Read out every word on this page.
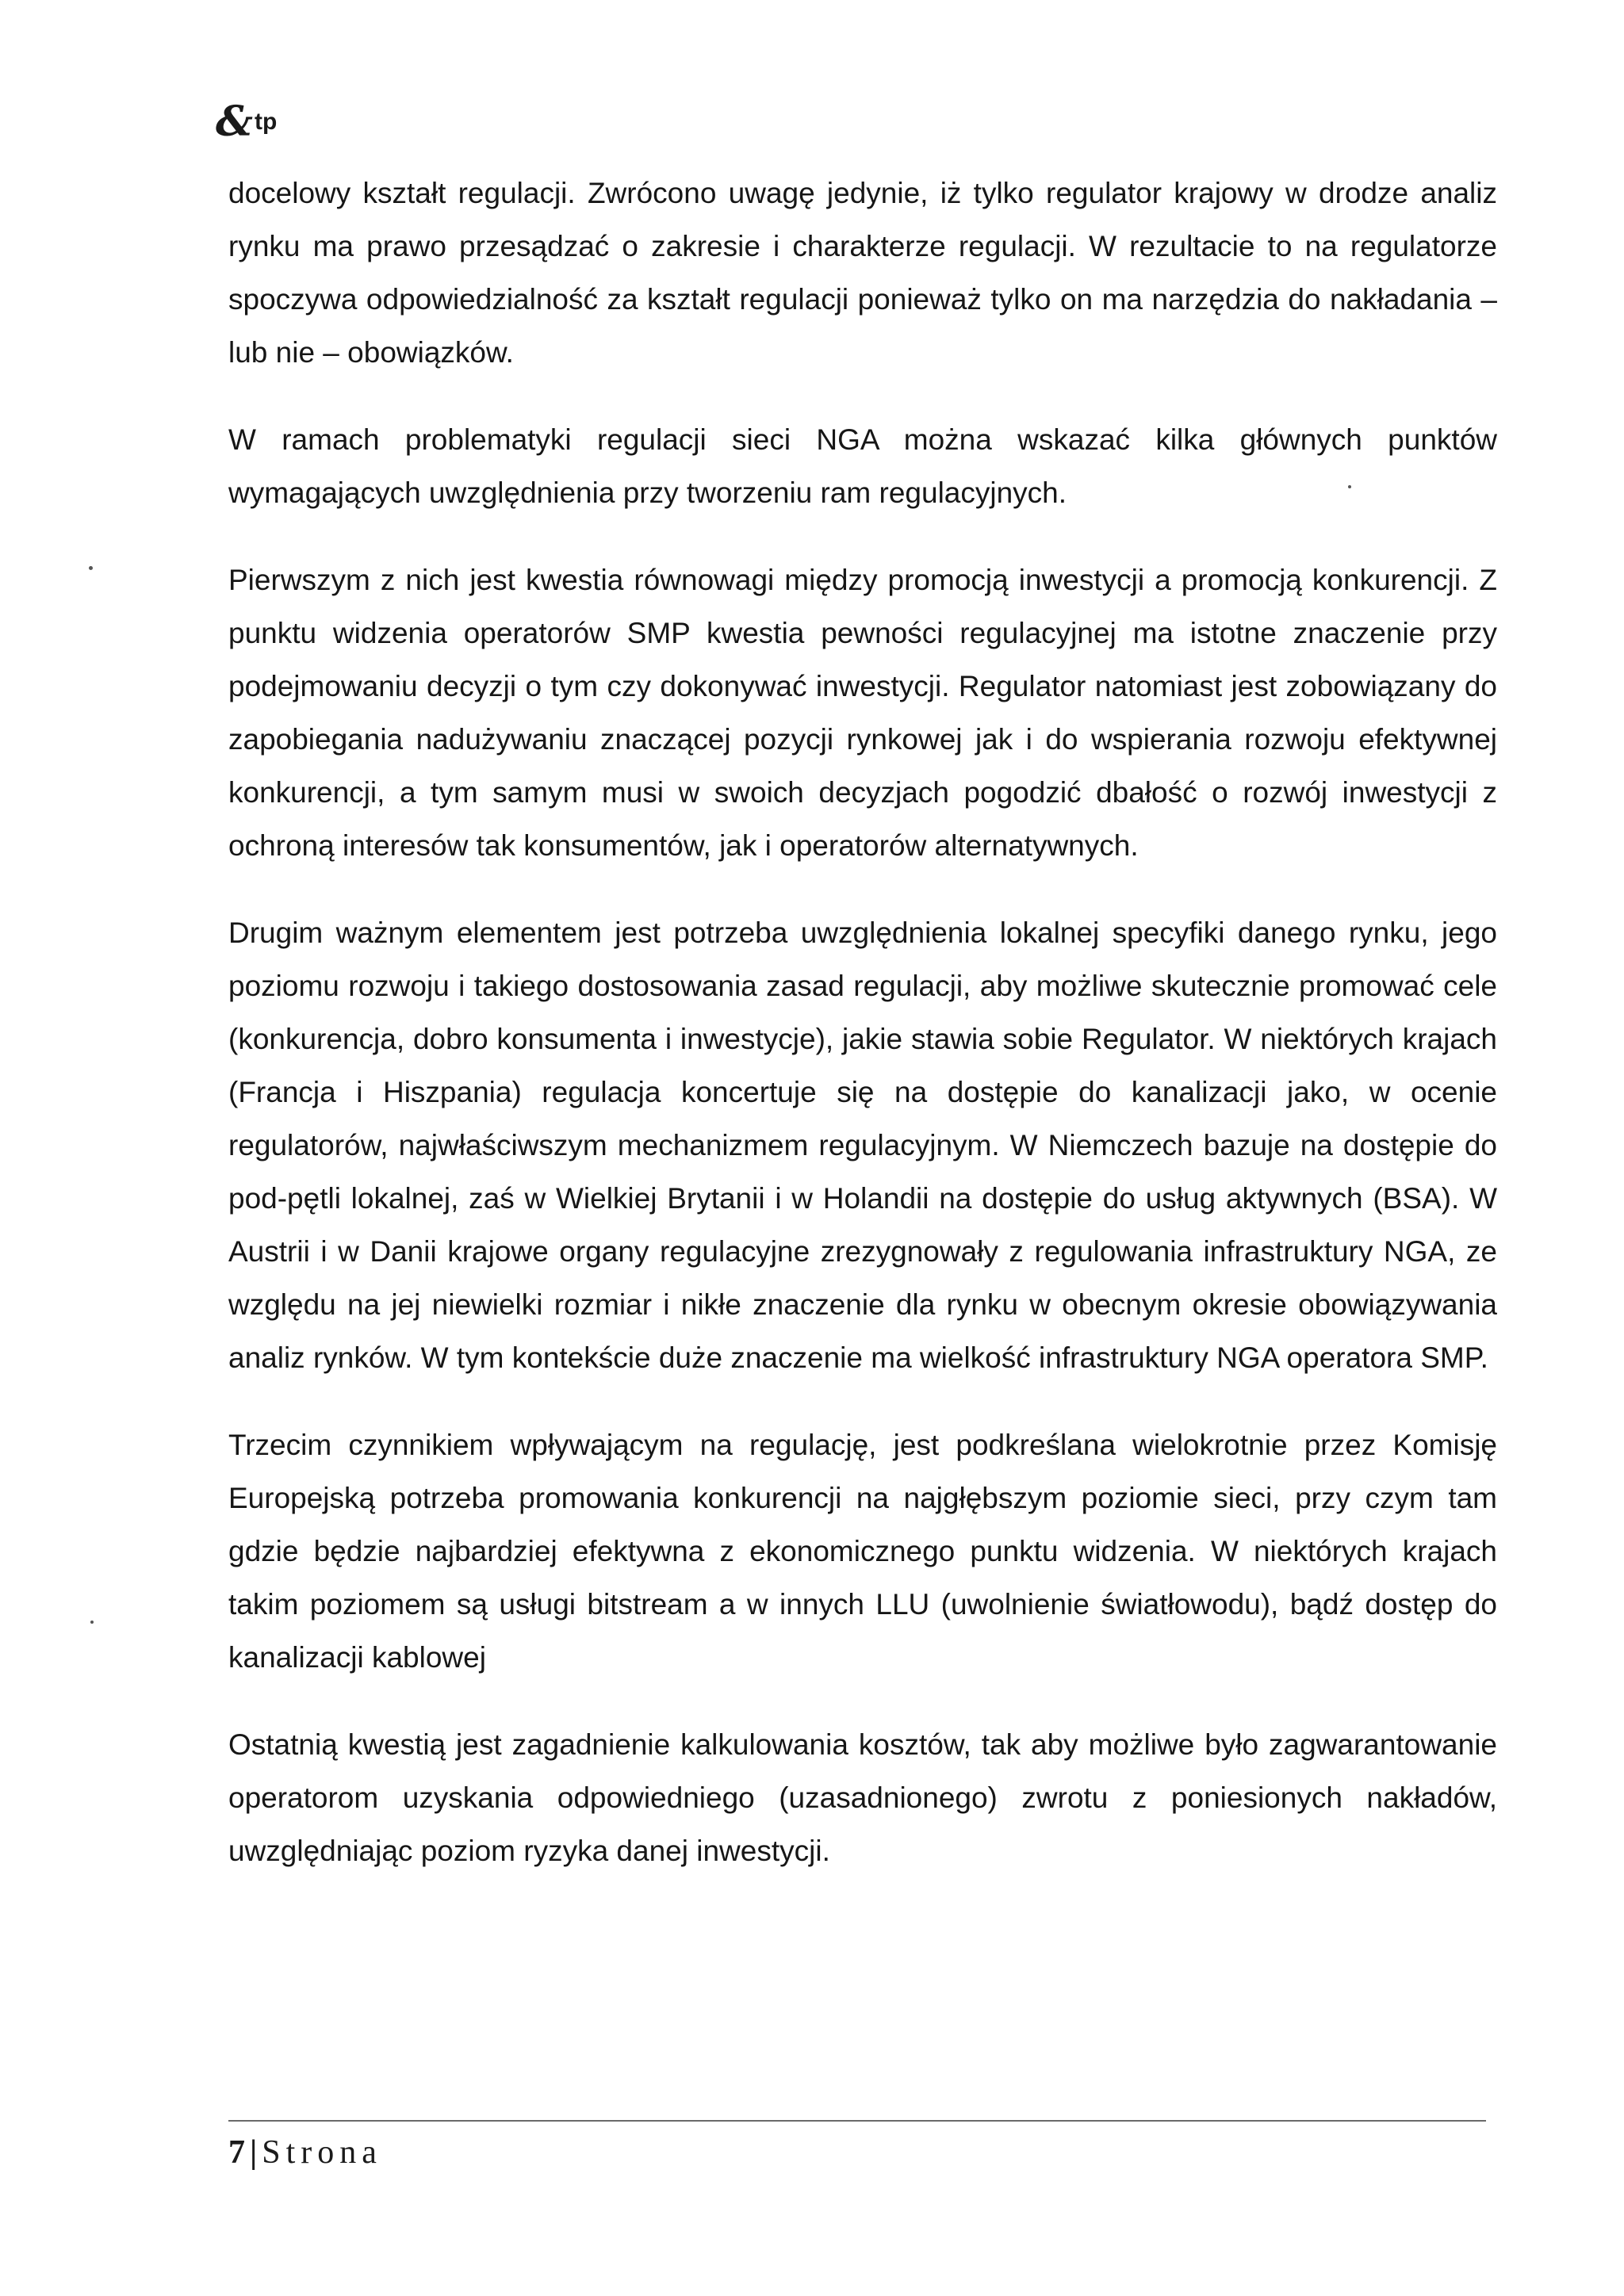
&tp

docelowy kształt regulacji. Zwrócono uwagę jedynie, iż tylko regulator krajowy w drodze analiz rynku ma prawo przesądzać o zakresie i charakterze regulacji. W rezultacie to na regulatorze spoczywa odpowiedzialność za kształt regulacji ponieważ tylko on ma narzędzia do nakładania – lub nie – obowiązków.

W ramach problematyki regulacji sieci NGA można wskazać kilka głównych punktów wymagających uwzględnienia przy tworzeniu ram regulacyjnych.

Pierwszym z nich jest kwestia równowagi między promocją inwestycji a promocją konkurencji. Z punktu widzenia operatorów SMP kwestia pewności regulacyjnej ma istotne znaczenie przy podejmowaniu decyzji o tym czy dokonywać inwestycji. Regulator natomiast jest zobowiązany do zapobiegania nadużywaniu znaczącej pozycji rynkowej jak i do wspierania rozwoju efektywnej konkurencji, a tym samym musi w swoich decyzjach pogodzić dbałość o rozwój inwestycji z ochroną interesów tak konsumentów, jak i operatorów alternatywnych.

Drugim ważnym elementem jest potrzeba uwzględnienia lokalnej specyfiki danego rynku, jego poziomu rozwoju i takiego dostosowania zasad regulacji, aby możliwe skutecznie promować cele (konkurencja, dobro konsumenta i inwestycje), jakie stawia sobie Regulator. W niektórych krajach (Francja i Hiszpania) regulacja koncertuje się na dostępie do kanalizacji jako, w ocenie regulatorów, najwłaściwszym mechanizmem regulacyjnym. W Niemczech bazuje na dostępie do pod-pętli lokalnej, zaś w Wielkiej Brytanii i w Holandii na dostępie do usług aktywnych (BSA). W Austrii i w Danii krajowe organy regulacyjne zrezygnowały z regulowania infrastruktury NGA, ze względu na jej niewielki rozmiar i nikłe znaczenie dla rynku w obecnym okresie obowiązywania analiz rynków. W tym kontekście duże znaczenie ma wielkość infrastruktury NGA operatora SMP.

Trzecim czynnikiem wpływającym na regulację, jest podkreślana wielokrotnie przez Komisję Europejską potrzeba promowania konkurencji na najgłębszym poziomie sieci, przy czym tam gdzie będzie najbardziej efektywna z ekonomicznego punktu widzenia. W niektórych krajach takim poziomem są usługi bitstream a w innych LLU (uwolnienie światłowodu), bądź dostęp do kanalizacji kablowej

Ostatnią kwestią jest zagadnienie kalkulowania kosztów, tak aby możliwe było zagwarantowanie operatorom uzyskania odpowiedniego (uzasadnionego) zwrotu z poniesionych nakładów, uwzględniając poziom ryzyka danej inwestycji.

7 | Strona
